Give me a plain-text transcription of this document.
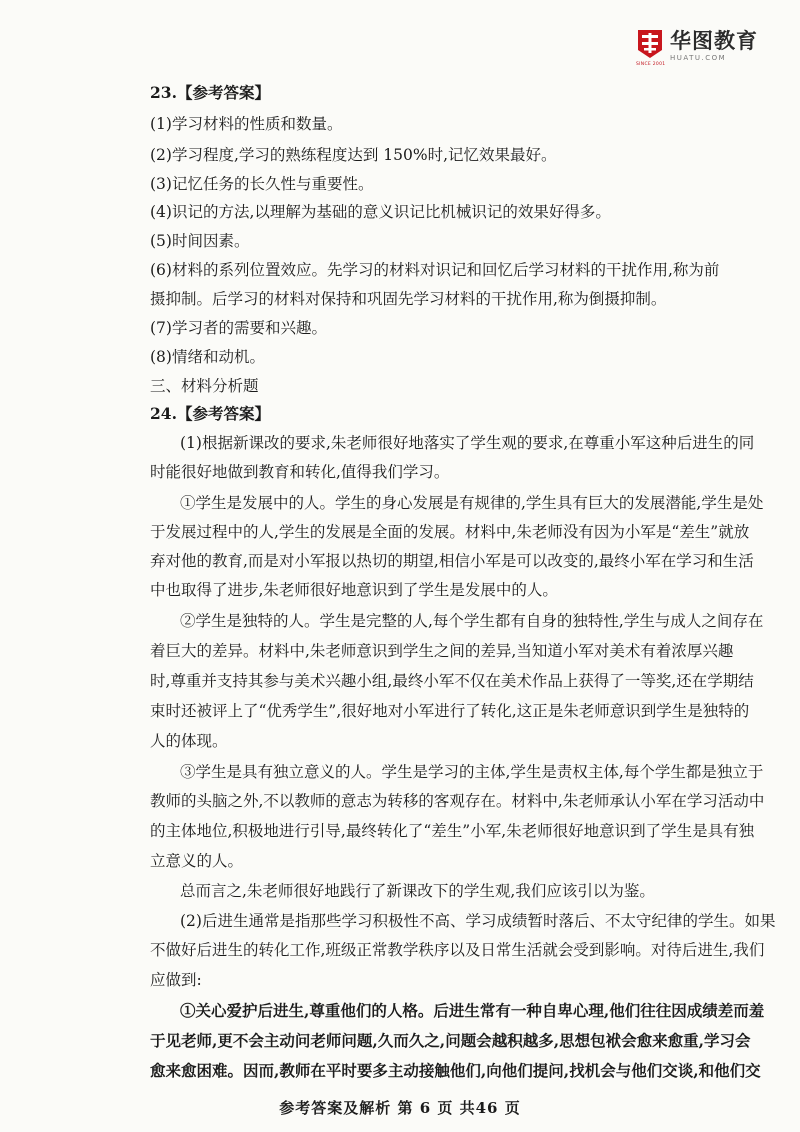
华图教育
HUATU.COM
SINCE 2001
23.【参考答案】
(1)学习材料的性质和数量。
(2)学习程度,学习的熟练程度达到 150%时,记忆效果最好。
(3)记忆任务的长久性与重要性。
(4)识记的方法,以理解为基础的意义识记比机械识记的效果好得多。
(5)时间因素。
(6)材料的系列位置效应。先学习的材料对识记和回忆后学习材料的干扰作用,称为前
摄抑制。后学习的材料对保持和巩固先学习材料的干扰作用,称为倒摄抑制。
(7)学习者的需要和兴趣。
(8)情绪和动机。
三、材料分析题
24.【参考答案】
(1)根据新课改的要求,朱老师很好地落实了学生观的要求,在尊重小军这种后进生的同
时能很好地做到教育和转化,值得我们学习。
①学生是发展中的人。学生的身心发展是有规律的,学生具有巨大的发展潜能,学生是处
于发展过程中的人,学生的发展是全面的发展。材料中,朱老师没有因为小军是“差生”就放
弃对他的教育,而是对小军报以热切的期望,相信小军是可以改变的,最终小军在学习和生活
中也取得了进步,朱老师很好地意识到了学生是发展中的人。
②学生是独特的人。学生是完整的人,每个学生都有自身的独特性,学生与成人之间存在
着巨大的差异。材料中,朱老师意识到学生之间的差异,当知道小军对美术有着浓厚兴趣
时,尊重并支持其参与美术兴趣小组,最终小军不仅在美术作品上获得了一等奖,还在学期结
束时还被评上了“优秀学生”,很好地对小军进行了转化,这正是朱老师意识到学生是独特的
人的体现。
③学生是具有独立意义的人。学生是学习的主体,学生是责权主体,每个学生都是独立于
教师的头脑之外,不以教师的意志为转移的客观存在。材料中,朱老师承认小军在学习活动中
的主体地位,积极地进行引导,最终转化了“差生”小军,朱老师很好地意识到了学生是具有独
立意义的人。
总而言之,朱老师很好地践行了新课改下的学生观,我们应该引以为鉴。
(2)后进生通常是指那些学习积极性不高、学习成绩暂时落后、不太守纪律的学生。如果
不做好后进生的转化工作,班级正常教学秩序以及日常生活就会受到影响。对待后进生,我们
应做到:
①关心爱护后进生,尊重他们的人格。后进生常有一种自卑心理,他们往往因成绩差而羞
于见老师,更不会主动问老师问题,久而久之,问题会越积越多,思想包袱会愈来愈重,学习会
愈来愈困难。因而,教师在平时要多主动接触他们,向他们提问,找机会与他们交谈,和他们交
参考答案及解析 第 6 页 共46 页
